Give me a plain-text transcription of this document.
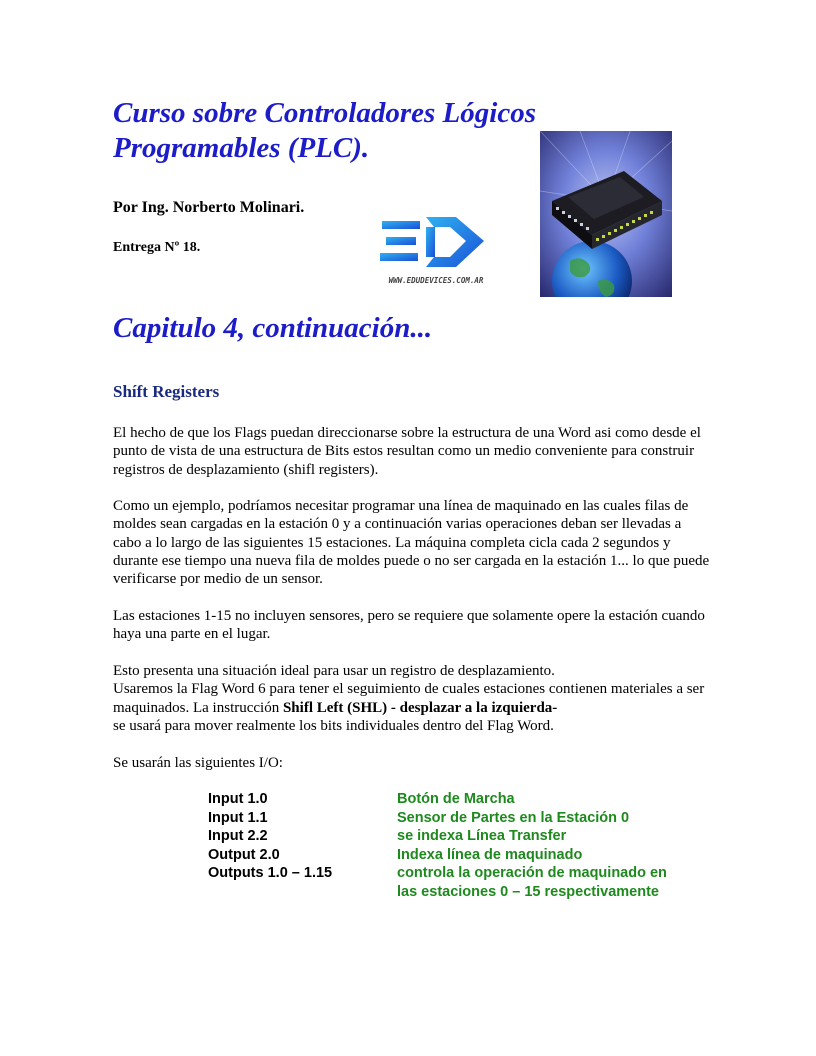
Curso sobre Controladores Lógicos
Programables (PLC).
Por Ing. Norberto Molinari.
Entrega Nº 18.
WWW.EDUDEVICES.COM.AR
Capitulo 4, continuación...
Shíft Registers

El hecho de que los Flags puedan direccionarse sobre la estructura de una Word asi como desde el punto de vista de una estructura de Bits estos resultan como un medio conveniente para construir registros de desplazamiento (shifl registers).

Como un ejemplo, podríamos necesitar programar una línea de maquinado en las cuales filas de moldes sean cargadas en la estación 0 y a continuación varias operaciones deban ser llevadas a cabo a lo largo de las siguientes 15 estaciones. La máquina completa cicla cada 2 segundos y durante ese tiempo una nueva fila de moldes puede o no ser cargada en la estación 1... lo que puede verificarse por medio de un sensor.

Las estaciones 1-15 no incluyen sensores, pero se requiere que solamente opere la estación cuando haya una parte en el lugar.

Esto presenta una situación ideal para usar un registro de desplazamiento.
Usaremos la Flag Word 6 para tener el seguimiento de cuales estaciones contienen materiales a ser maquinados. La instrucción Shifl Left (SHL) - desplazar a la izquierda-
se usará para mover realmente los bits individuales dentro del Flag Word.

Se usarán las siguientes I/O:

Input 1.0	Botón de Marcha
Input 1.1	Sensor de Partes en la Estación 0
Input 2.2	se indexa Línea Transfer
Output 2.0	Indexa línea de maquinado
Outputs 1.0 – 1.15	controla la operación de maquinado en las estaciones 0 – 15 respectivamente
